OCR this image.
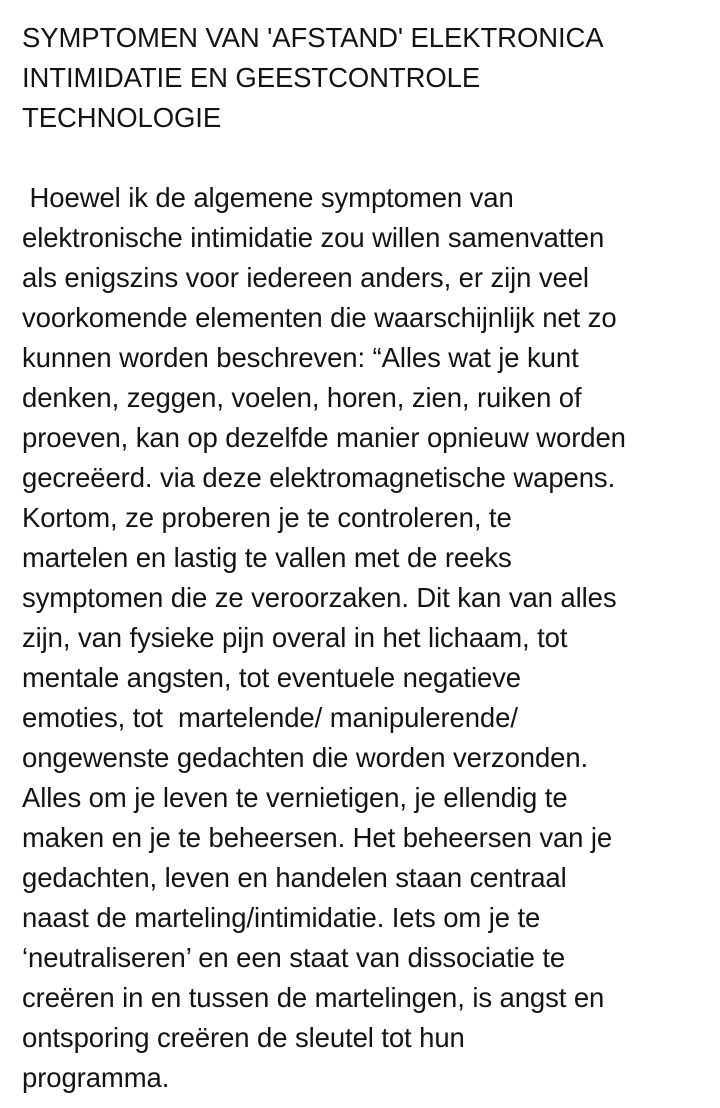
SYMPTOMEN VAN 'AFSTAND' ELEKTRONICA
INTIMIDATIE EN GEESTCONTROLE
TECHNOLOGIE

Hoewel ik de algemene symptomen van
elektronische intimidatie zou willen samenvatten
als enigszins voor iedereen anders, er zijn veel
voorkomende elementen die waarschijnlijk net zo
kunnen worden beschreven: “Alles wat je kunt
denken, zeggen, voelen, horen, zien, ruiken of
proeven, kan op dezelfde manier opnieuw worden
gecreëerd. via deze elektromagnetische wapens.
Kortom, ze proberen je te controleren, te
martelen en lastig te vallen met de reeks
symptomen die ze veroorzaken. Dit kan van alles
zijn, van fysieke pijn overal in het lichaam, tot
mentale angsten, tot eventuele negatieve
emoties, tot  martelende/ manipulerende/
ongewenste gedachten die worden verzonden.
Alles om je leven te vernietigen, je ellendig te
maken en je te beheersen. Het beheersen van je
gedachten, leven en handelen staan centraal
naast de marteling/intimidatie. Iets om je te
‘neutraliseren’ en een staat van dissociatie te
creëren in en tussen de martelingen, is angst en
ontsporing creëren de sleutel tot hun
programma.
